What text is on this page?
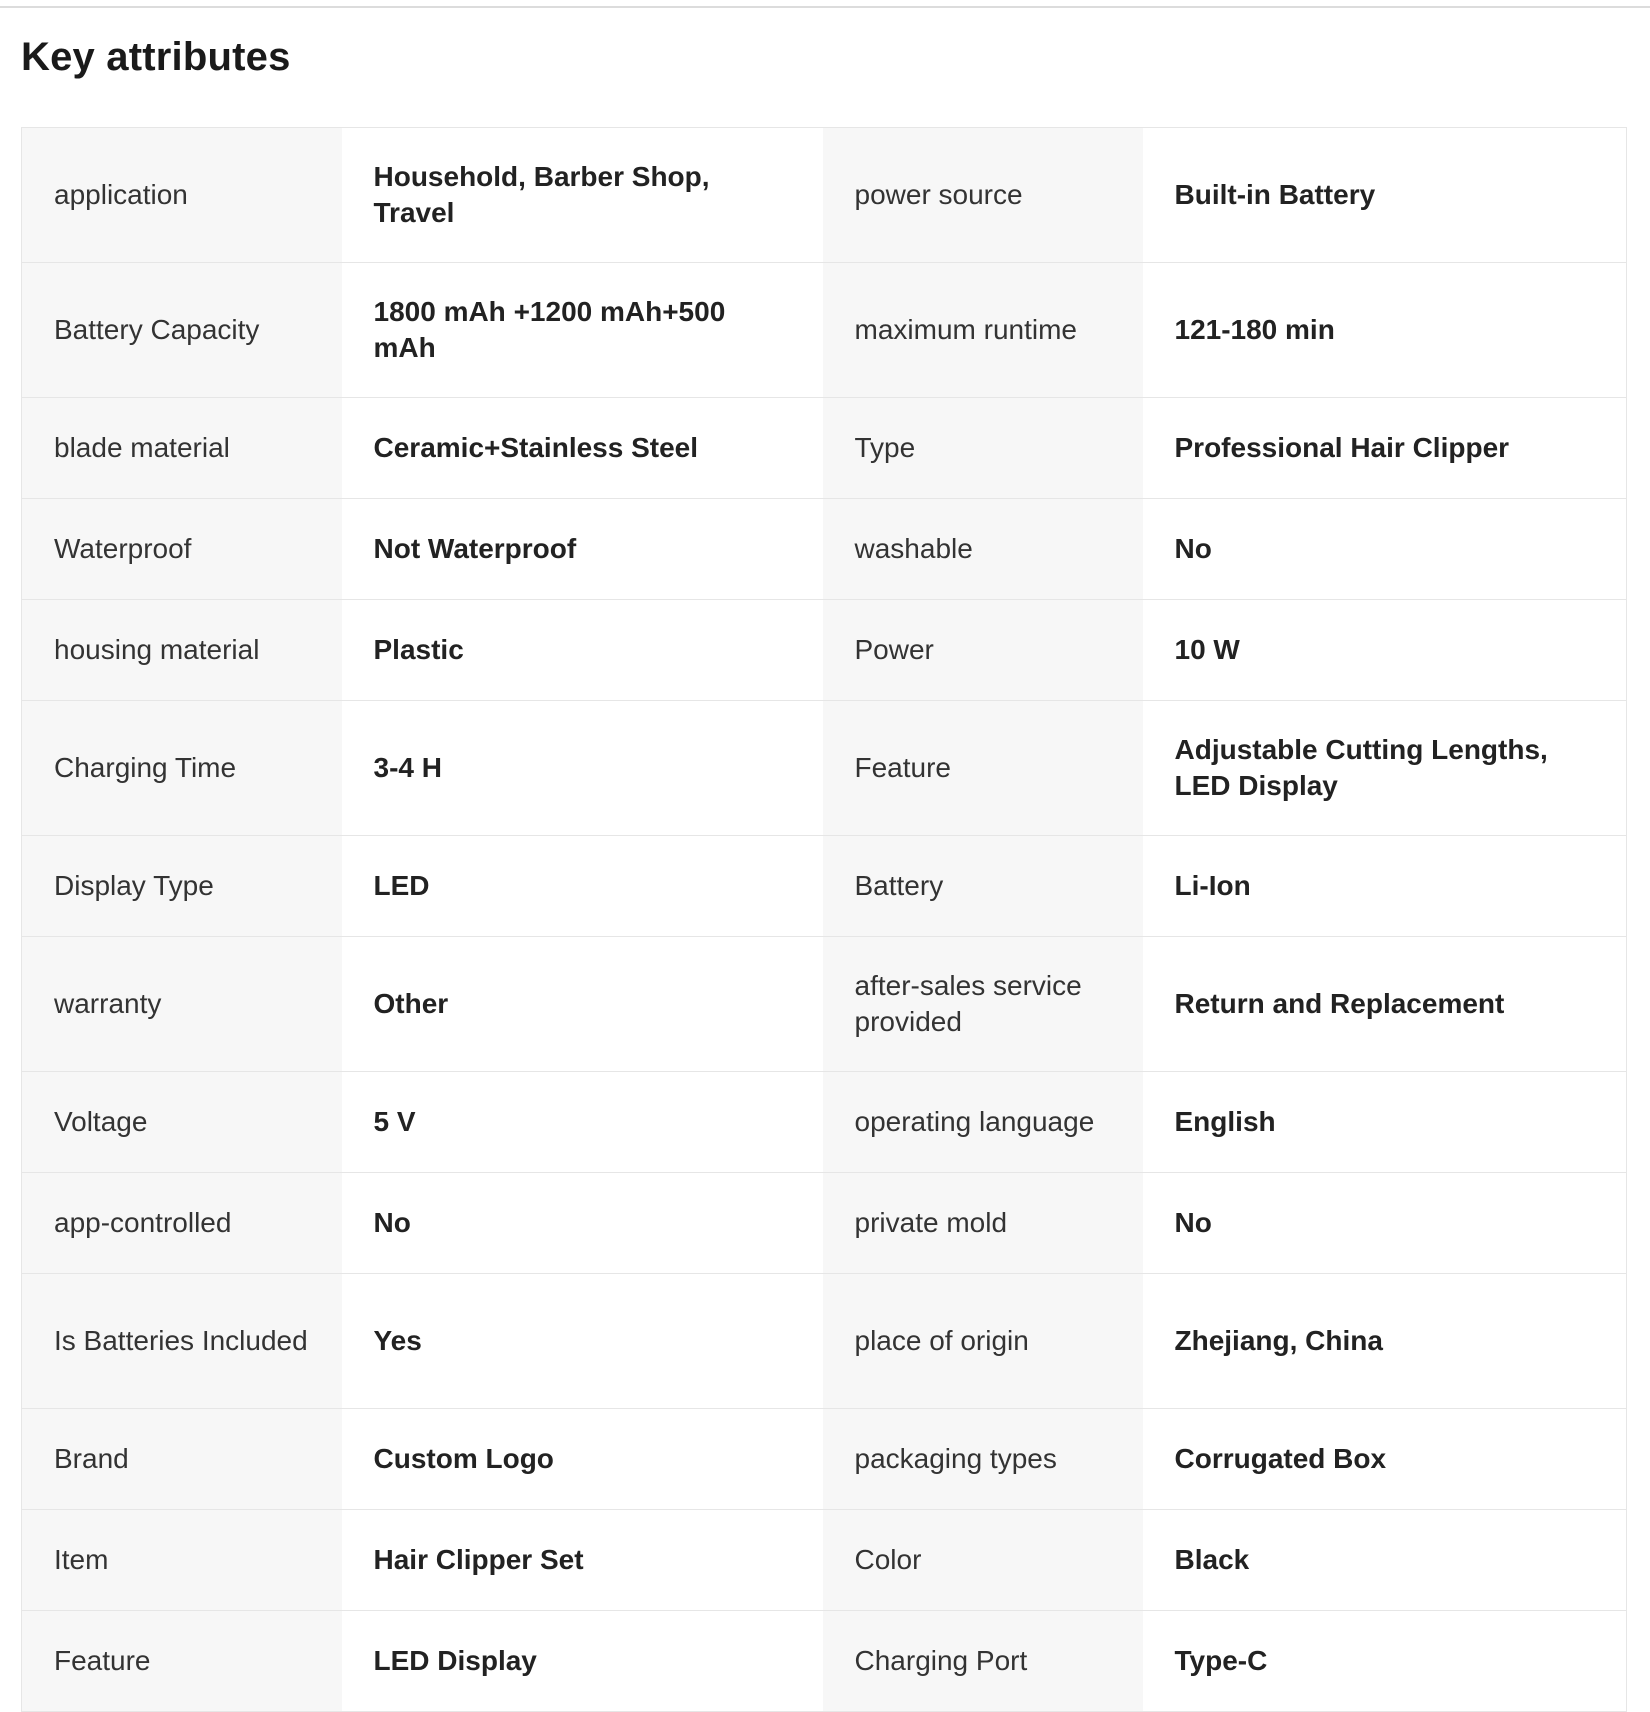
Key attributes
application	Household, Barber Shop, Travel	power source	Built-in Battery
Battery Capacity	1800 mAh +1200 mAh+500 mAh	maximum runtime	121-180 min
blade material	Ceramic+Stainless Steel	Type	Professional Hair Clipper
Waterproof	Not Waterproof	washable	No
housing material	Plastic	Power	10 W
Charging Time	3-4 H	Feature	Adjustable Cutting Lengths, LED Display
Display Type	LED	Battery	Li-Ion
warranty	Other	after-sales service provided	Return and Replacement
Voltage	5 V	operating language	English
app-controlled	No	private mold	No
Is Batteries Included	Yes	place of origin	Zhejiang, China
Brand	Custom Logo	packaging types	Corrugated Box
Item	Hair Clipper Set	Color	Black
Feature	LED Display	Charging Port	Type-C
